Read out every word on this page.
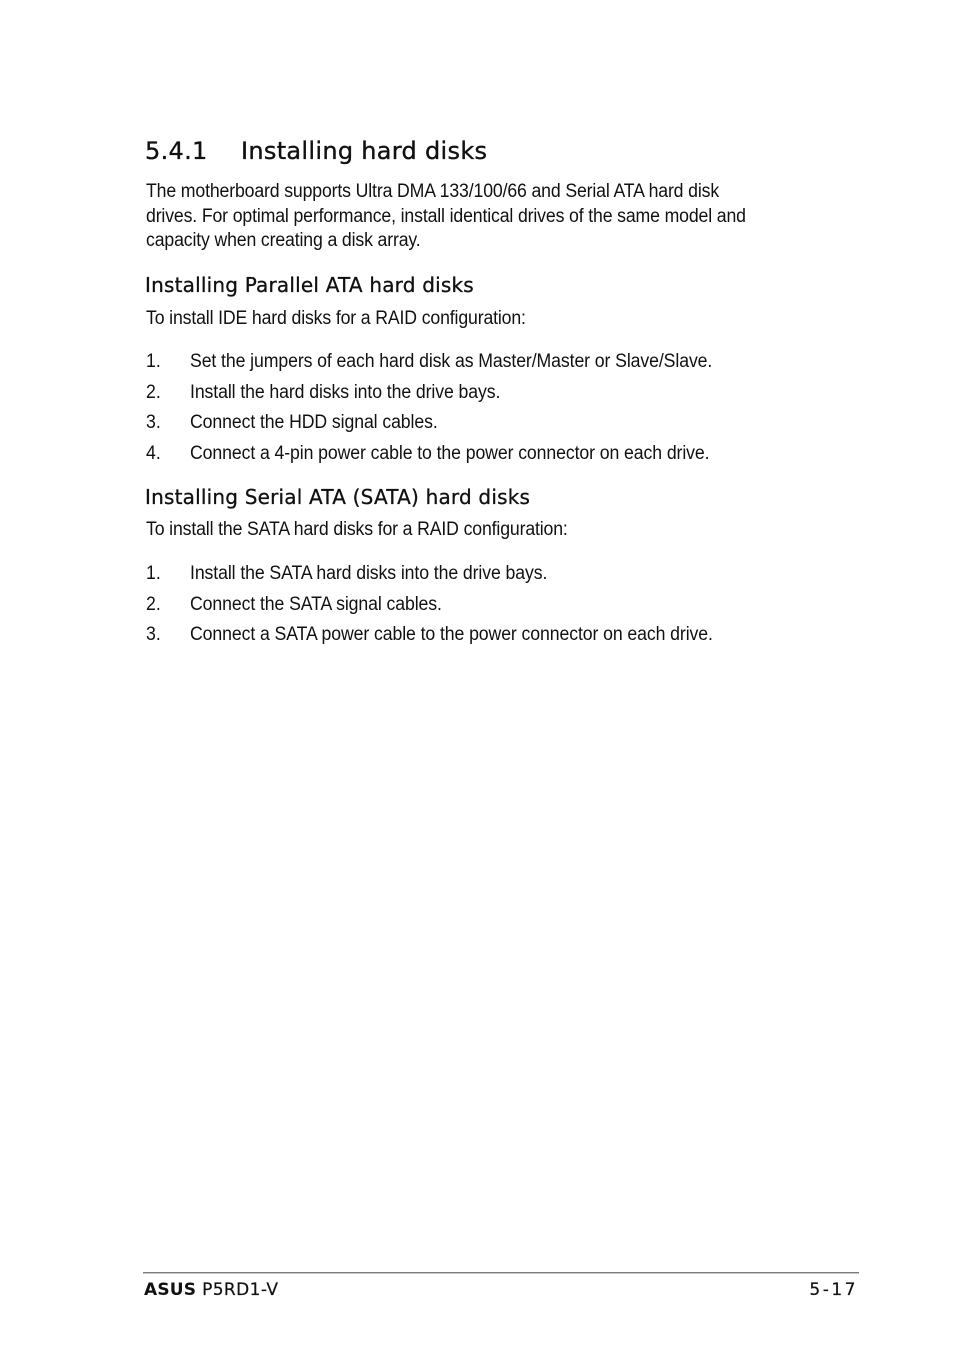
5.4.1 Installing hard disks

The motherboard supports Ultra DMA 133/100/66 and Serial ATA hard disk drives. For optimal performance, install identical drives of the same model and capacity when creating a disk array.

Installing Parallel ATA hard disks

To install IDE hard disks for a RAID configuration:

1. Set the jumpers of each hard disk as Master/Master or Slave/Slave.
2. Install the hard disks into the drive bays.
3. Connect the HDD signal cables.
4. Connect a 4-pin power cable to the power connector on each drive.
Installing Serial ATA (SATA) hard disks

To install the SATA hard disks for a RAID configuration:

1. Install the SATA hard disks into the drive bays.
2. Connect the SATA signal cables.
3. Connect a SATA power cable to the power connector on each drive.
ASUS P5RD1-V	5-17
